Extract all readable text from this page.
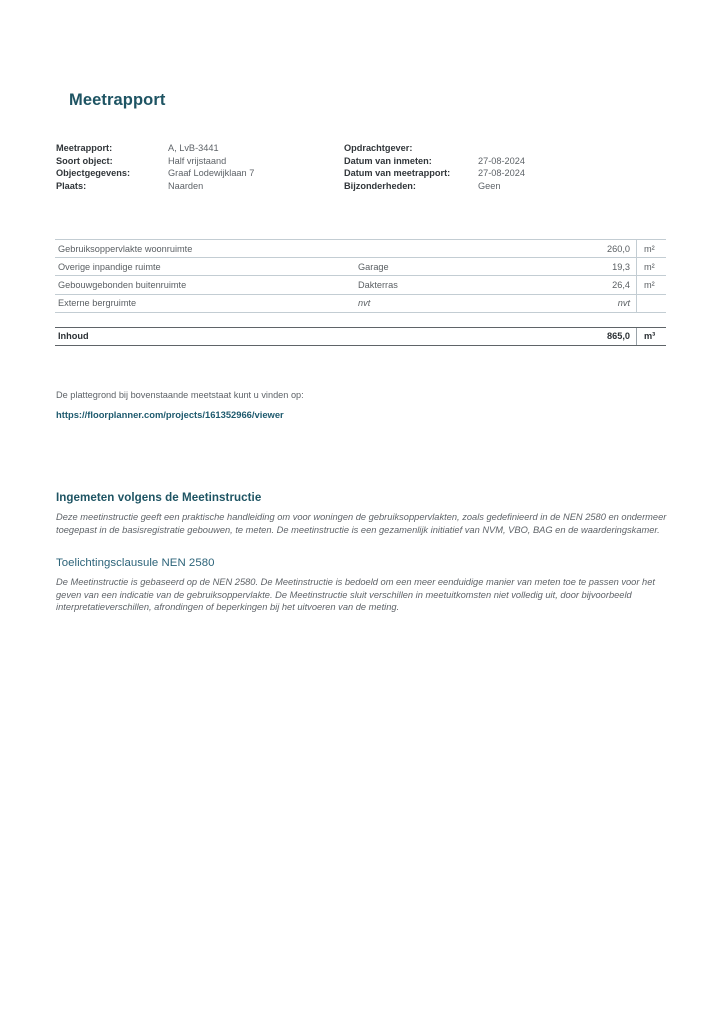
Meetrapport
Meetrapport:	A, LvB-3441
Soort object:	Half vrijstaand
Objectgegevens:	Graaf Lodewijklaan 7
Plaats:	Naarden
Opdrachtgever:
Datum van inmeten:	27-08-2024
Datum van meetrapport:	27-08-2024
Bijzonderheden:	Geen
Gebruiksoppervlakte woonruimte	260,0	m²
Overige inpandige ruimte	Garage	19,3	m²
Gebouwgebonden buitenruimte	Dakterras	26,4	m²
Externe bergruimte	nvt	nvt
Inhoud	865,0	m³
De plattegrond bij bovenstaande meetstaat kunt u vinden op:
https://floorplanner.com/projects/161352966/viewer
Ingemeten volgens de Meetinstructie
Deze meetinstructie geeft een praktische handleiding om voor woningen de gebruiksoppervlakten, zoals gedefinieerd in de NEN 2580 en ondermeer toegepast in de basisregistratie gebouwen, te meten. De meetinstructie is een gezamenlijk initiatief van NVM, VBO, BAG en de waarderingskamer.
Toelichtingsclausule NEN 2580
De Meetinstructie is gebaseerd op de NEN 2580. De Meetinstructie is bedoeld om een meer eenduidige manier van meten toe te passen voor het geven van een indicatie van de gebruiksoppervlakte. De Meetinstructie sluit verschillen in meetuitkomsten niet volledig uit, door bijvoorbeeld interpretatieverschillen, afrondingen of beperkingen bij het uitvoeren van de meting.
